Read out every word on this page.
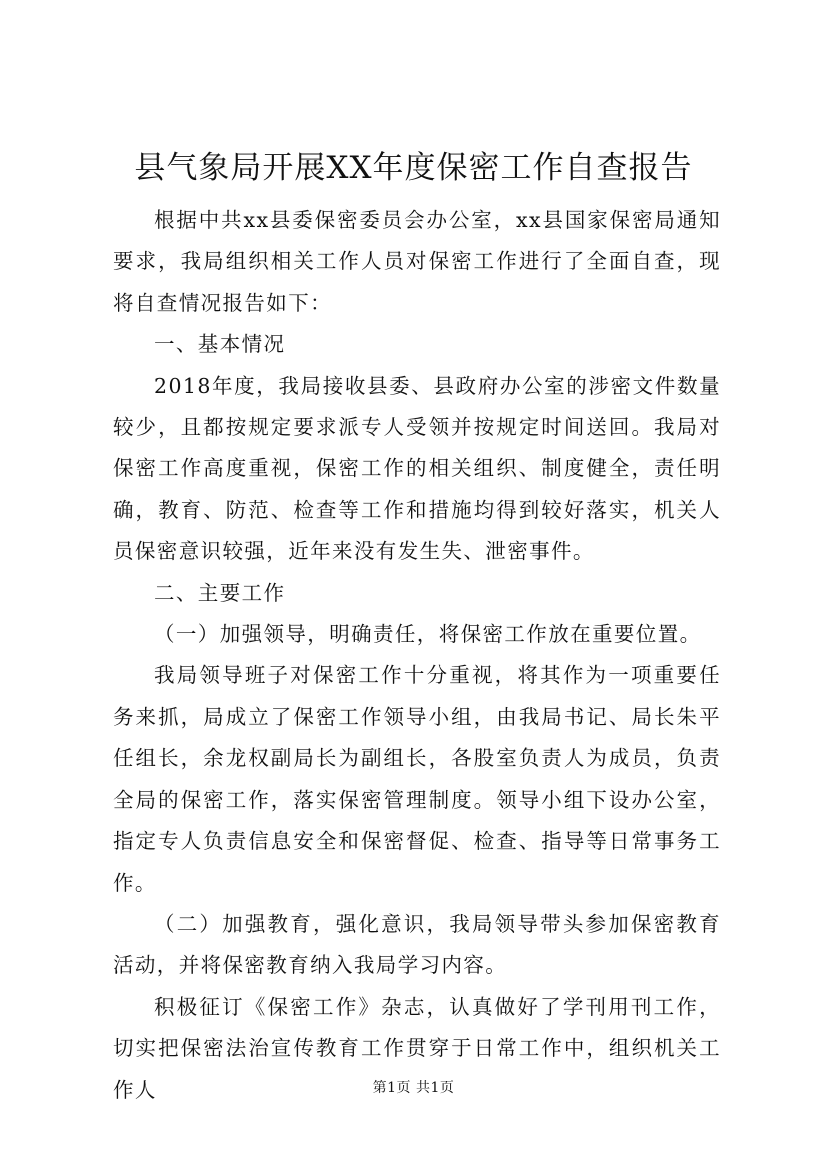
县气象局开展XX年度保密工作自查报告

根据中共xx县委保密委员会办公室，xx县国家保密局通知要求，我局组织相关工作人员对保密工作进行了全面自查，现将自查情况报告如下：

一、基本情况

2018年度，我局接收县委、县政府办公室的涉密文件数量较少，且都按规定要求派专人受领并按规定时间送回。我局对保密工作高度重视，保密工作的相关组织、制度健全，责任明确，教育、防范、检查等工作和措施均得到较好落实，机关人员保密意识较强，近年来没有发生失、泄密事件。

二、主要工作

（一）加强领导，明确责任，将保密工作放在重要位置。

我局领导班子对保密工作十分重视，将其作为一项重要任务来抓，局成立了保密工作领导小组，由我局书记、局长朱平任组长，余龙权副局长为副组长，各股室负责人为成员，负责全局的保密工作，落实保密管理制度。领导小组下设办公室，指定专人负责信息安全和保密督促、检查、指导等日常事务工作。

（二）加强教育，强化意识，我局领导带头参加保密教育活动，并将保密教育纳入我局学习内容。

积极征订《保密工作》杂志，认真做好了学刊用刊工作，切实把保密法治宣传教育工作贯穿于日常工作中，组织机关工作人	第1页 共1页
